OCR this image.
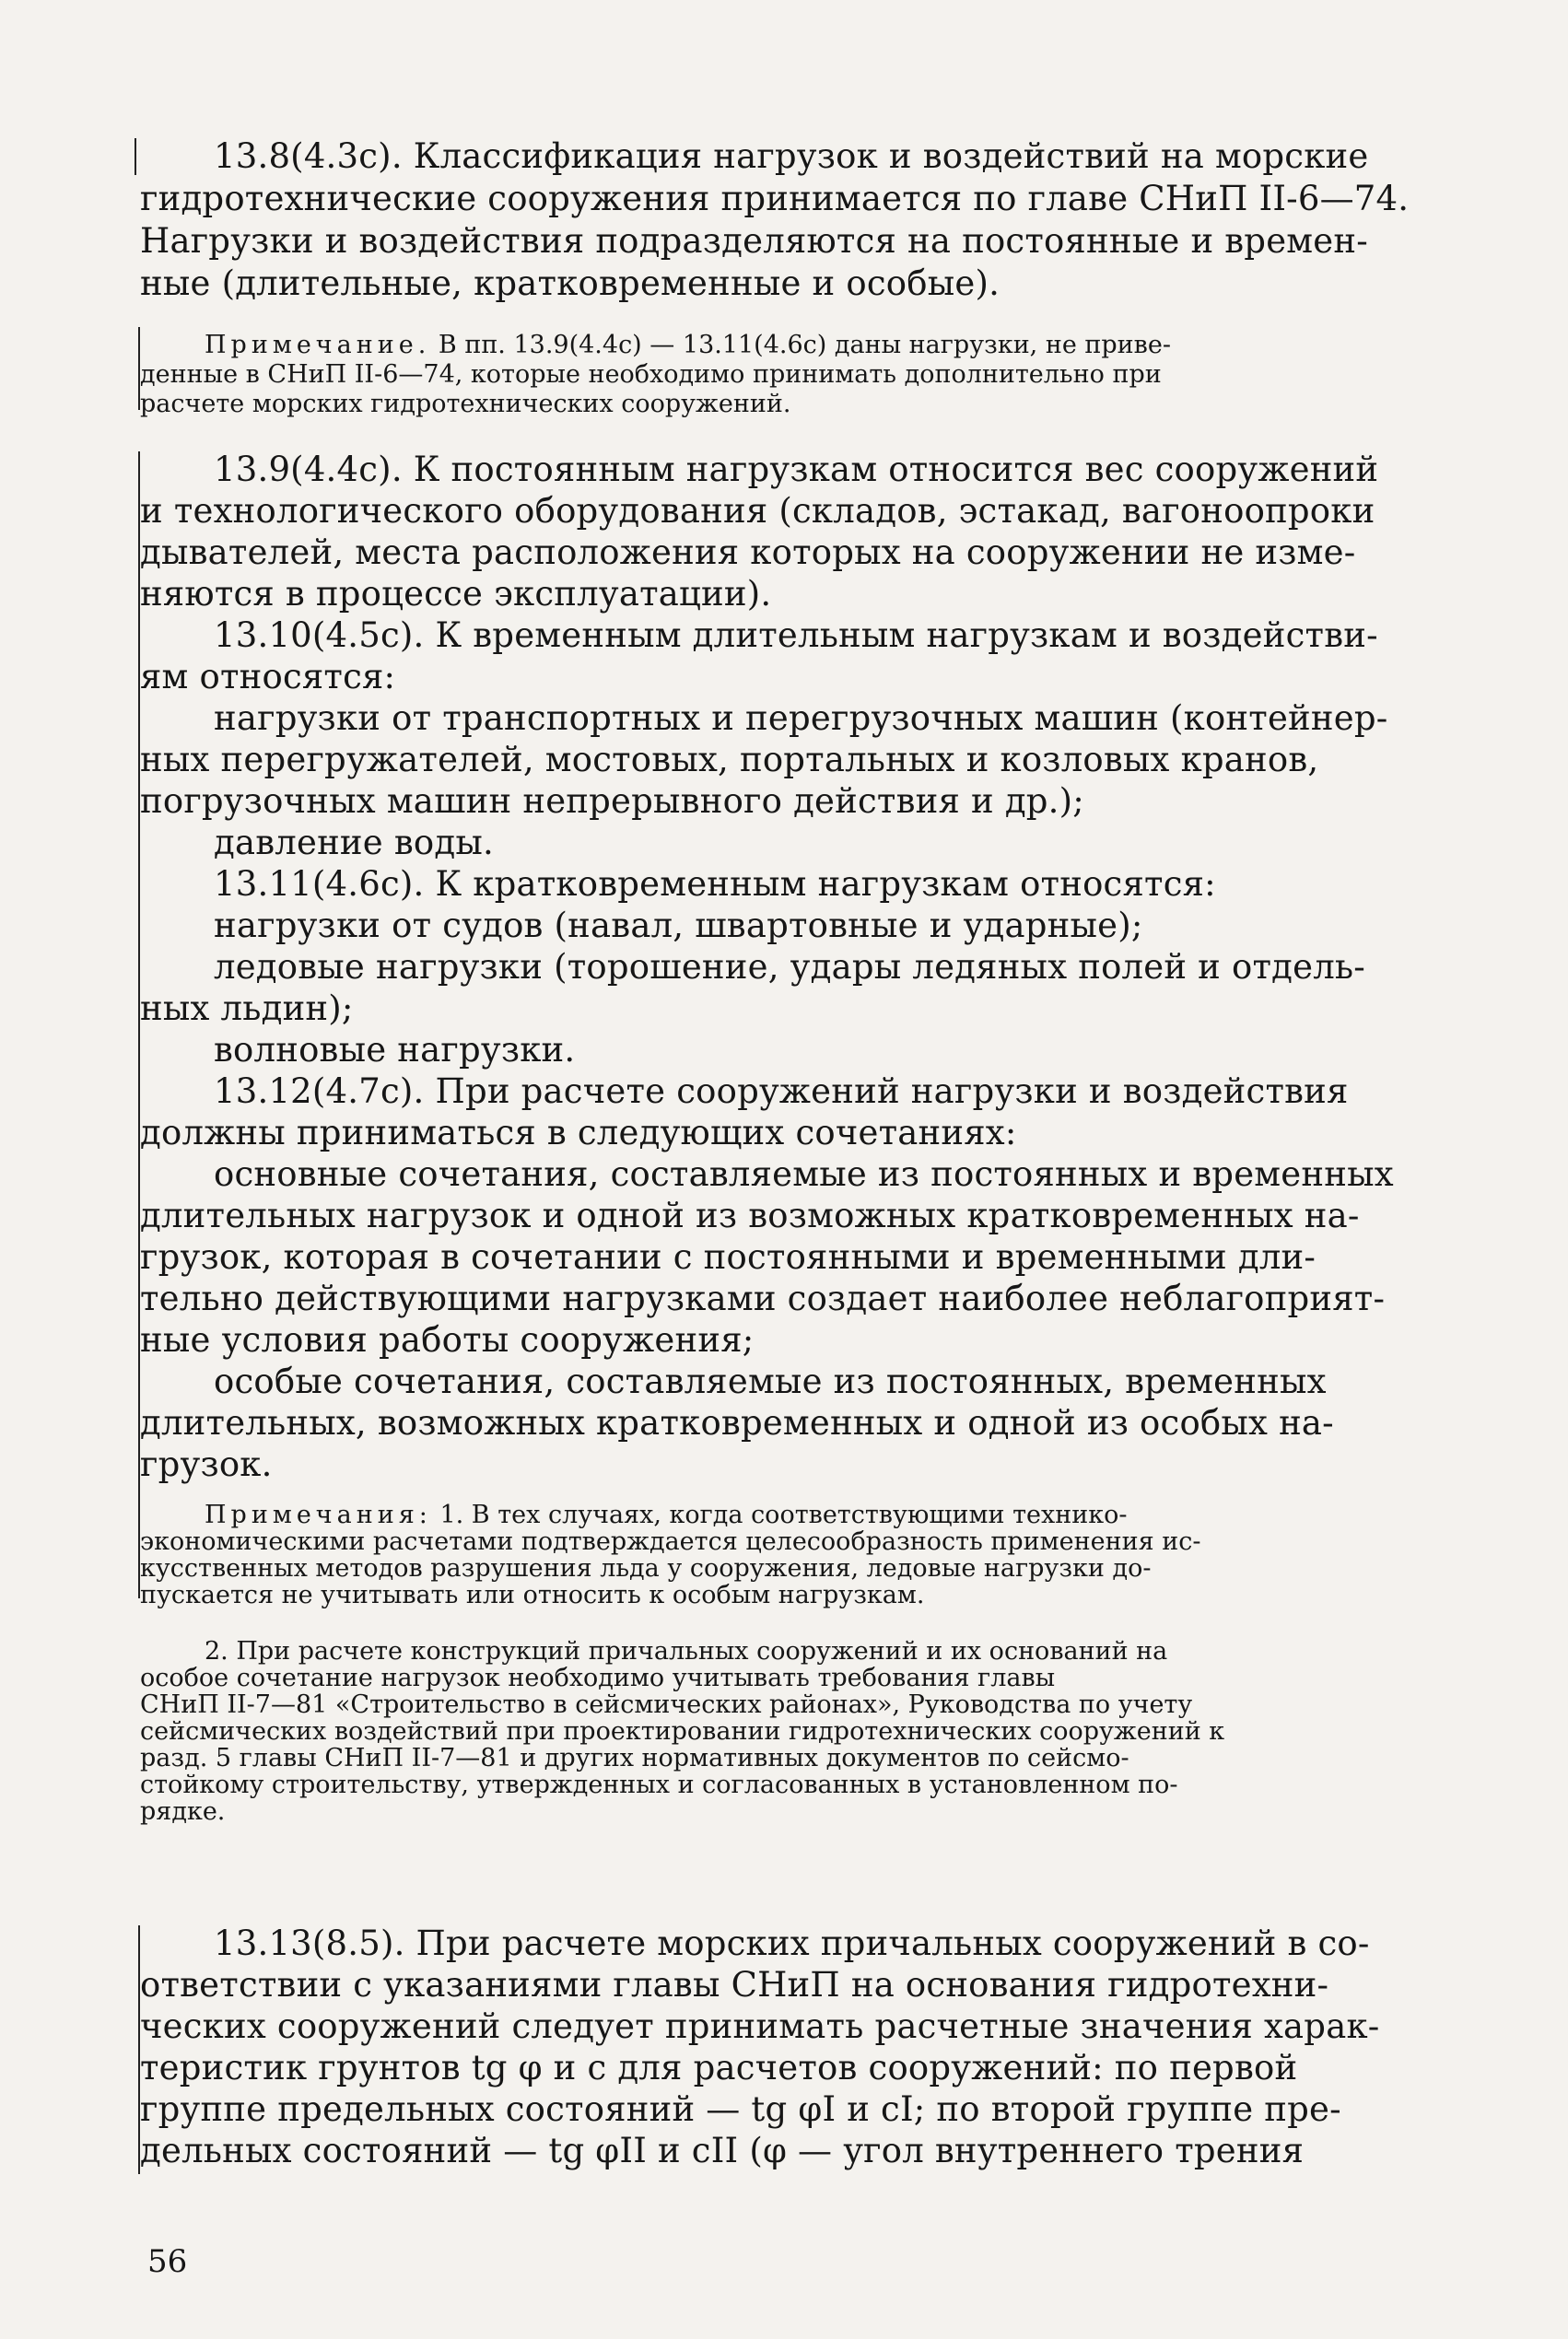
13.8(4.3с). Классификация нагрузок и воздействий на морские
гидротехнические сооружения принимается по главе СНиП II-6—74.
Нагрузки и воздействия подразделяются на постоянные и времен-
ные (длительные, кратковременные и особые).
Примечание. В пп. 13.9(4.4с) — 13.11(4.6с) даны нагрузки, не приве-
денные в СНиП II-6—74, которые необходимо принимать дополнительно при
расчете морских гидротехнических сооружений.
13.9(4.4с). К постоянным нагрузкам относится вес сооружений
и технологического оборудования (складов, эстакад, вагоноопроки
дывателей, места расположения которых на сооружении не изме-
няются в процессе эксплуатации).
13.10(4.5с). К временным длительным нагрузкам и воздействи-
ям относятся:
нагрузки от транспортных и перегрузочных машин (контейнер-
ных перегружателей, мостовых, портальных и козловых кранов,
погрузочных машин непрерывного действия и др.);
давление воды.
13.11(4.6с). К кратковременным нагрузкам относятся:
нагрузки от судов (навал, швартовные и ударные);
ледовые нагрузки (торошение, удары ледяных полей и отдель-
ных льдин);
волновые нагрузки.
13.12(4.7с). При расчете сооружений нагрузки и воздействия
должны приниматься в следующих сочетаниях:
основные сочетания, составляемые из постоянных и временных
длительных нагрузок и одной из возможных кратковременных на-
грузок, которая в сочетании с постоянными и временными дли-
тельно действующими нагрузками создает наиболее неблагоприят-
ные условия работы сооружения;
особые сочетания, составляемые из постоянных, временных
длительных, возможных кратковременных и одной из особых на-
грузок.
Примечания: 1. В тех случаях, когда соответствующими технико-
экономическими расчетами подтверждается целесообразность применения ис-
кусственных методов разрушения льда у сооружения, ледовые нагрузки до-
пускается не учитывать или относить к особым нагрузкам.
2. При расчете конструкций причальных сооружений и их оснований на
особое сочетание нагрузок необходимо учитывать требования главы
СНиП II-7—81 «Строительство в сейсмических районах», Руководства по учету
сейсмических воздействий при проектировании гидротехнических сооружений к
разд. 5 главы СНиП II-7—81 и других нормативных документов по сейсмо-
стойкому строительству, утвержденных и согласованных в установленном по-
рядке.
13.13(8.5). При расчете морских причальных сооружений в со-
ответствии с указаниями главы СНиП на основания гидротехни-
ческих сооружений следует принимать расчетные значения харак-
теристик грунтов tg φ и c для расчетов сооружений: по первой
группе предельных состояний — tg φI и cI; по второй группе пре-
дельных состояний — tg φII и cII (φ — угол внутреннего трения
56
